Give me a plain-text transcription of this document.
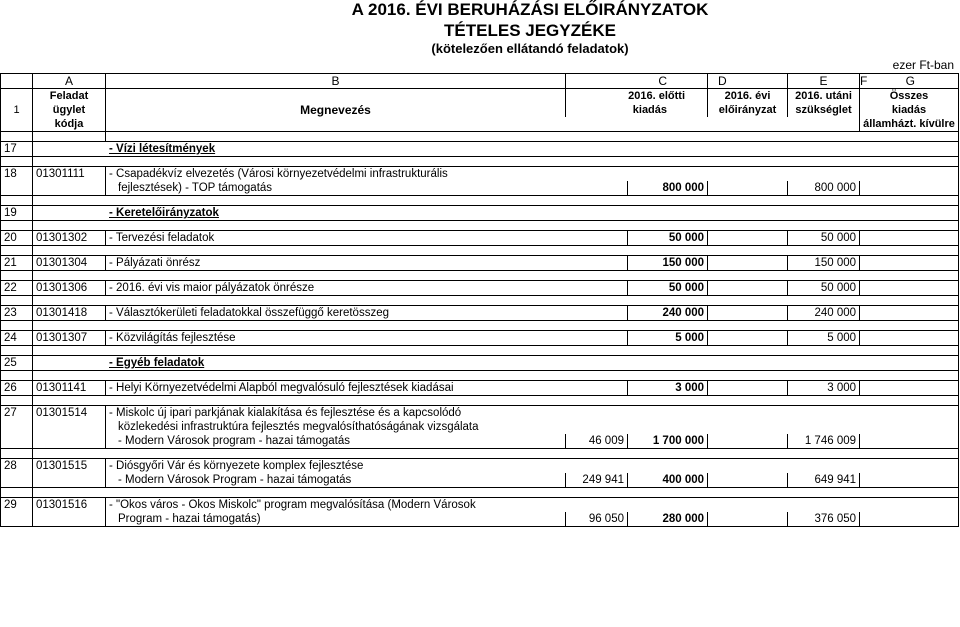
A 2016. ÉVI BERUHÁZÁSI ELŐIRÁNYZATOK
TÉTELES JEGYZÉKE
(kötelezően ellátandó feladatok)
ezer Ft-ban
	A	B	C		D	E	F G	

	Feladat		2016. előtti		2016. évi	2016. utáni	Összes	
1	ügylet	Megnevezés	kiadás		előirányzat	szükséglet	kiadás	
	kódja						államházt. kívülre	

17	- Vízi létesítmények							

18	01301111	- Csapadékvíz elvezetés (Városi környezetvédelmi infrastrukturális						
		fejlesztések) - TOP támogatás		800 000		800 000		

19	- Keretelőirányzatok							

20	01301302	- Tervezési feladatok		50 000		50 000		

21	01301304	- Pályázati önrész		150 000		150 000		

22	01301306	- 2016. évi vis maior pályázatok önrésze		50 000		50 000		

23	01301418	- Választókerületi feladatokkal összefüggő keretösszeg		240 000		240 000		

24	01301307	- Közvilágítás fejlesztése		5 000		5 000		

25	- Egyéb feladatok							

26	01301141	- Helyi Környezetvédelmi Alapból megvalósuló fejlesztések kiadásai		3 000		3 000		

27	01301514	- Miskolc új ipari parkjának kialakítása és fejlesztése és a kapcsolódó						
		közlekedési infrastruktúra fejlesztés megvalósíthatóságának vizsgálata						
		- Modern Városok program - hazai támogatás	46 009	1 700 000		1 746 009		

28	01301515	- Diósgyőri Vár és környezete komplex fejlesztése						
		- Modern Városok Program - hazai támogatás	249 941	400 000		649 941		

29	01301516	- "Okos város - Okos Miskolc" program megvalósítása (Modern Városok						
		Program - hazai támogatás)	96 050	280 000		376 050		
